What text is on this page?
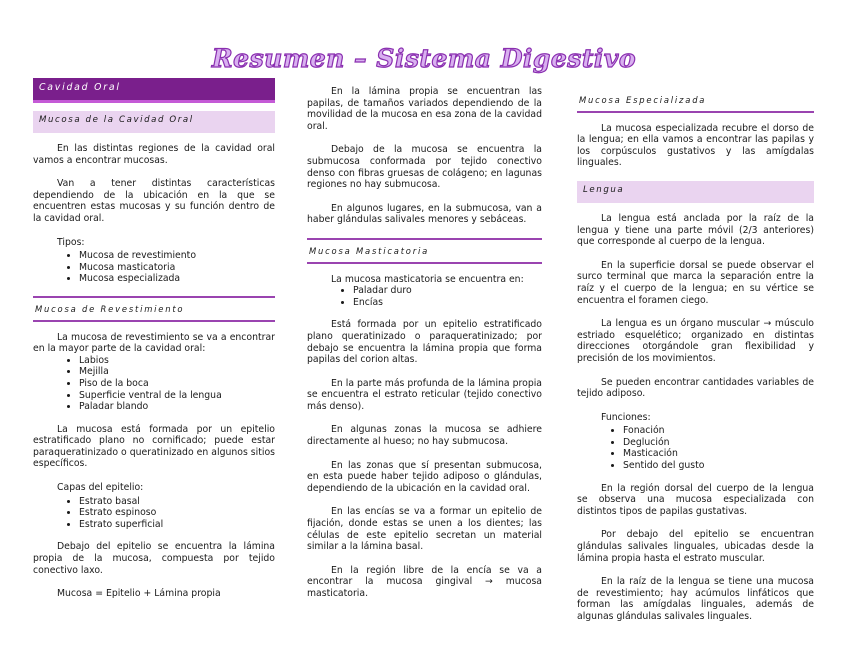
Resumen – Sistema Digestivo
Cavidad Oral
Mucosa de la Cavidad Oral

En las distintas regiones de la cavidad oral vamos a encontrar mucosas.

Van a tener distintas características dependiendo de la ubicación en la que se encuentren estas mucosas y su función dentro de la cavidad oral.

Tipos:

• Mucosa de revestimiento
• Mucosa masticatoria
• Mucosa especializada
Mucosa de Revestimiento

La mucosa de revestimiento se va a encontrar en la mayor parte de la cavidad oral:

• Labios
• Mejilla
• Piso de la boca
• Superficie ventral de la lengua
• Paladar blando

La mucosa está formada por un epitelio estratificado plano no cornificado; puede estar paraqueratinizado o queratinizado en algunos sitios específicos.

Capas del epitelio:

• Estrato basal
• Estrato espinoso
• Estrato superficial

Debajo del epitelio se encuentra la lámina propia de la mucosa, compuesta por tejido conectivo laxo.

Mucosa = Epitelio + Lámina propia

En la lámina propia se encuentran las papilas, de tamaños variados dependiendo de la movilidad de la mucosa en esa zona de la cavidad oral.

Debajo de la mucosa se encuentra la submucosa conformada por tejido conectivo denso con fibras gruesas de colágeno; en lagunas regiones no hay submucosa.

En algunos lugares, en la submucosa, van a haber glándulas salivales menores y sebáceas.

Mucosa Masticatoria

La mucosa masticatoria se encuentra en:

• Paladar duro
• Encías

Está formada por un epitelio estratificado plano queratinizado o paraqueratinizado; por debajo se encuentra la lámina propia que forma papilas del corion altas.

En la parte más profunda de la lámina propia se encuentra el estrato reticular (tejido conectivo más denso).

En algunas zonas la mucosa se adhiere directamente al hueso; no hay submucosa.

En las zonas que sí presentan submucosa, en esta puede haber tejido adiposo o glándulas, dependiendo de la ubicación en la cavidad oral.

En las encías se va a formar un epitelio de fijación, donde estas se unen a los dientes; las células de este epitelio secretan un material similar a la lámina basal.

En la región libre de la encía se va a encontrar la mucosa gingival → mucosa masticatoria.

Mucosa Especializada

La mucosa especializada recubre el dorso de la lengua; en ella vamos a encontrar las papilas y los corpúsculos gustativos y las amígdalas linguales.

Lengua

La lengua está anclada por la raíz de la lengua y tiene una parte móvil (2/3 anteriores) que corresponde al cuerpo de la lengua.

En la superficie dorsal se puede observar el surco terminal que marca la separación entre la raíz y el cuerpo de la lengua; en su vértice se encuentra el foramen ciego.

La lengua es un órgano muscular → músculo estriado esquelético; organizado en distintas direcciones otorgándole gran flexibilidad y precisión de los movimientos.

Se pueden encontrar cantidades variables de tejido adiposo.

Funciones:

• Fonación
• Deglución
• Masticación
• Sentido del gusto

En la región dorsal del cuerpo de la lengua se observa una mucosa especializada con distintos tipos de papilas gustativas.

Por debajo del epitelio se encuentran glándulas salivales linguales, ubicadas desde la lámina propia hasta el estrato muscular.

En la raíz de la lengua se tiene una mucosa de revestimiento; hay acúmulos linfáticos que forman las amígdalas linguales, además de algunas glándulas salivales linguales.
